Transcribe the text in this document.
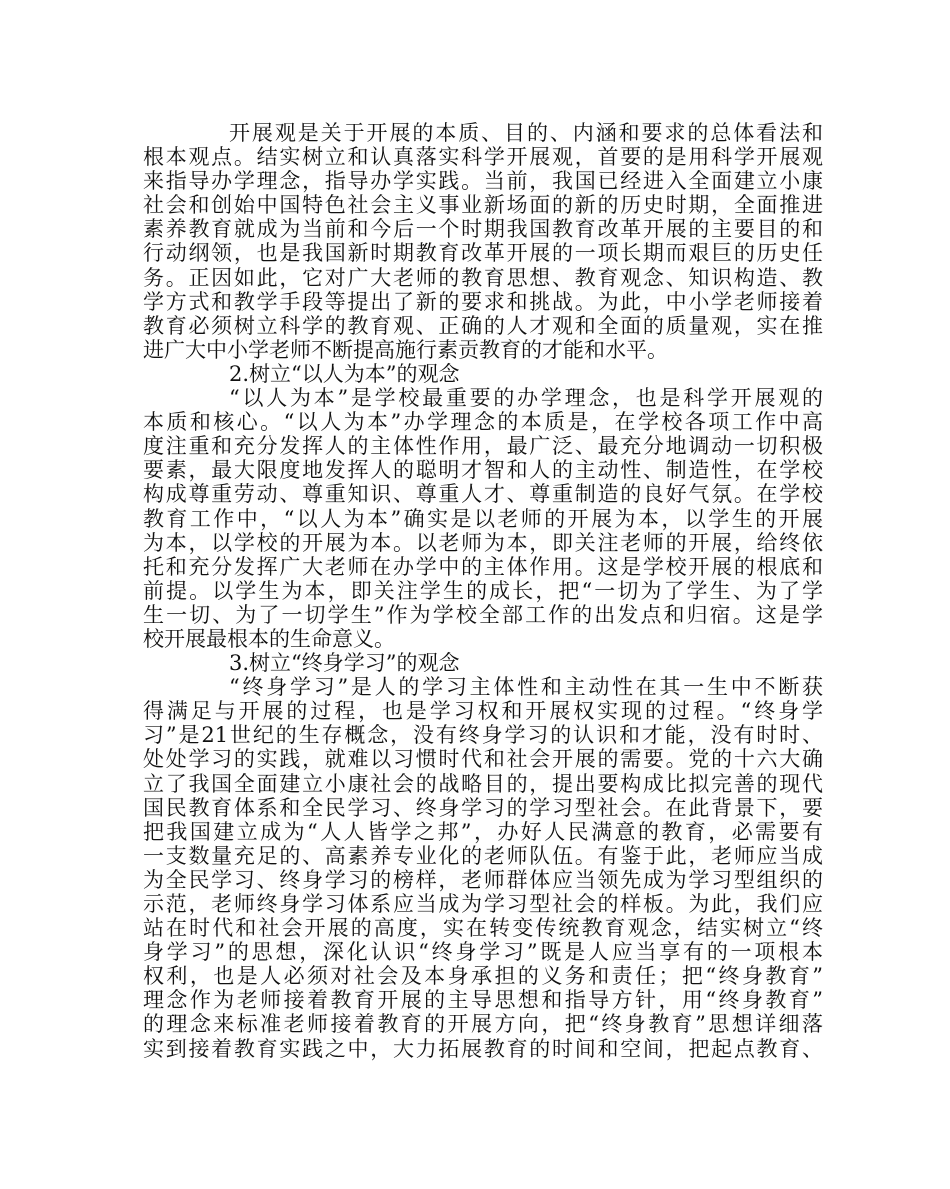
开展观是关于开展的本质、目的、内涵和要求的总体看法和
根本观点。结实树立和认真落实科学开展观，首要的是用科学开展观
来指导办学理念，指导办学实践。当前，我国已经进入全面建立小康
社会和创始中国特色社会主义事业新场面的新的历史时期，全面推进
素养教育就成为当前和今后一个时期我国教育改革开展的主要目的和
行动纲领，也是我国新时期教育改革开展的一项长期而艰巨的历史任
务。正因如此，它对广大老师的教育思想、教育观念、知识构造、教
学方式和教学手段等提出了新的要求和挑战。为此，中小学老师接着
教育必须树立科学的教育观、正确的人才观和全面的质量观，实在推
进广大中小学老师不断提高施行素贡教育的才能和水平。
2.树立“以人为本”的观念
“以人为本”是学校最重要的办学理念，也是科学开展观的
本质和核心。“以人为本”办学理念的本质是，在学校各项工作中高
度注重和充分发挥人的主体性作用，最广泛、最充分地调动一切积极
要素，最大限度地发挥人的聪明才智和人的主动性、制造性，在学校
构成尊重劳动、尊重知识、尊重人才、尊重制造的良好气氛。在学校
教育工作中，“以人为本”确实是以老师的开展为本，以学生的开展
为本，以学校的开展为本。以老师为本，即关注老师的开展，给终依
托和充分发挥广大老师在办学中的主体作用。这是学校开展的根底和
前提。以学生为本，即关注学生的成长，把“一切为了学生、为了学
生一切、为了一切学生”作为学校全部工作的出发点和归宿。这是学
校开展最根本的生命意义。
3.树立“终身学习”的观念
“终身学习”是人的学习主体性和主动性在其一生中不断获
得满足与开展的过程，也是学习权和开展权实现的过程。“终身学
习”是21世纪的生存概念，没有终身学习的认识和才能，没有时时、
处处学习的实践，就难以习惯时代和社会开展的需要。党的十六大确
立了我国全面建立小康社会的战略目的，提出要构成比拟完善的现代
国民教育体系和全民学习、终身学习的学习型社会。在此背景下，要
把我国建立成为“人人皆学之邦”，办好人民满意的教育，必需要有
一支数量充足的、高素养专业化的老师队伍。有鉴于此，老师应当成
为全民学习、终身学习的榜样，老师群体应当领先成为学习型组织的
示范，老师终身学习体系应当成为学习型社会的样板。为此，我们应
站在时代和社会开展的高度，实在转变传统教育观念，结实树立“终
身学习”的思想，深化认识“终身学习”既是人应当享有的一项根本
权利，也是人必须对社会及本身承担的义务和责任；把“终身教育”
理念作为老师接着教育开展的主导思想和指导方针，用“终身教育”
的理念来标准老师接着教育的开展方向，把“终身教育”思想详细落
实到接着教育实践之中，大力拓展教育的时间和空间，把起点教育、
